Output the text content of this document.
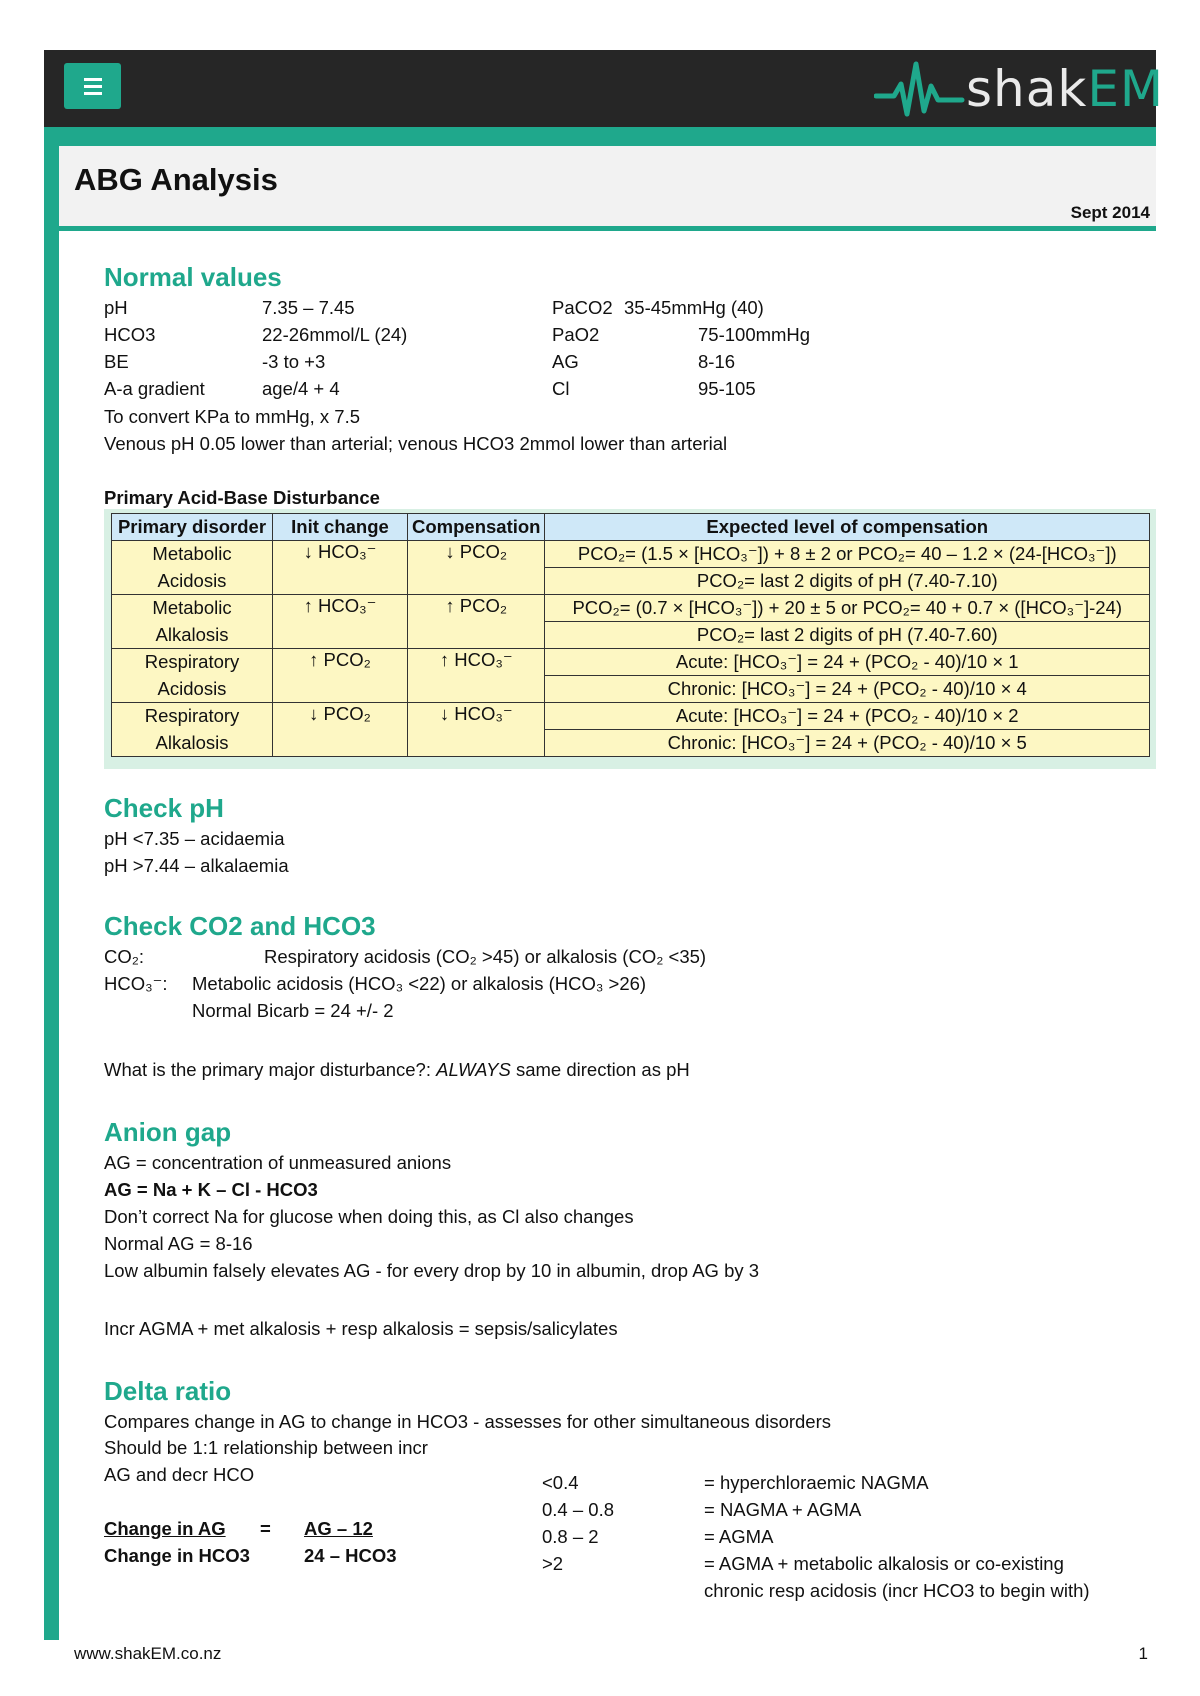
shakEM
ABG Analysis
Sept 2014
Normal values
pH	7.35 – 7.45	PaCO2 35-45mmHg (40)
HCO3	22-26mmol/L (24)	PaO2	75-100mmHg
BE	-3 to +3	AG	8-16
A-a gradient	age/4 + 4	Cl	95-105
To convert KPa to mmHg, x 7.5
Venous pH 0.05 lower than arterial; venous HCO3 2mmol lower than arterial
Primary Acid-Base Disturbance
Primary disorder	Init change	Compensation	Expected level of compensation
Metabolic	↓ HCO₃⁻	↓ PCO₂	PCO₂= (1.5 × [HCO₃⁻]) + 8 ± 2 or PCO₂= 40 – 1.2 × (24-[HCO₃⁻])
Acidosis			PCO₂= last 2 digits of pH (7.40-7.10)
Metabolic	↑ HCO₃⁻	↑ PCO₂	PCO₂= (0.7 × [HCO₃⁻]) + 20 ± 5 or PCO₂= 40 + 0.7 × ([HCO₃⁻]-24)
Alkalosis			PCO₂= last 2 digits of pH (7.40-7.60)
Respiratory	↑ PCO₂	↑ HCO₃⁻	Acute: [HCO₃⁻] = 24 + (PCO₂ - 40)/10 × 1
Acidosis			Chronic: [HCO₃⁻] = 24 + (PCO₂ - 40)/10 × 4
Respiratory	↓ PCO₂	↓ HCO₃⁻	Acute: [HCO₃⁻] = 24 + (PCO₂ - 40)/10 × 2
Alkalosis			Chronic: [HCO₃⁻] = 24 + (PCO₂ - 40)/10 × 5
Check pH
pH <7.35 – acidaemia
pH >7.44 – alkalaemia
Check CO2 and HCO3
CO₂:	Respiratory acidosis (CO₂ >45) or alkalosis (CO₂ <35)
HCO₃⁻: Metabolic acidosis (HCO₃ <22) or alkalosis (HCO₃ >26)
Normal Bicarb = 24 +/- 2
What is the primary major disturbance?: ALWAYS same direction as pH
Anion gap
AG = concentration of unmeasured anions
AG = Na + K – Cl - HCO3
Don’t correct Na for glucose when doing this, as Cl also changes
Normal AG = 8-16
Low albumin falsely elevates AG - for every drop by 10 in albumin, drop AG by 3
Incr AGMA + met alkalosis + resp alkalosis = sepsis/salicylates
Delta ratio
Compares change in AG to change in HCO3 - assesses for other simultaneous disorders
Should be 1:1 relationship between incr
AG and decr HCO
Change in AG = AG – 12
Change in HCO3	24 – HCO3
<0.4	= hyperchloraemic NAGMA
0.4 – 0.8	= NAGMA + AGMA
0.8 – 2	= AGMA
>2	= AGMA + metabolic alkalosis or co-existing
chronic resp acidosis (incr HCO3 to begin with)
www.shakEM.co.nz	1
